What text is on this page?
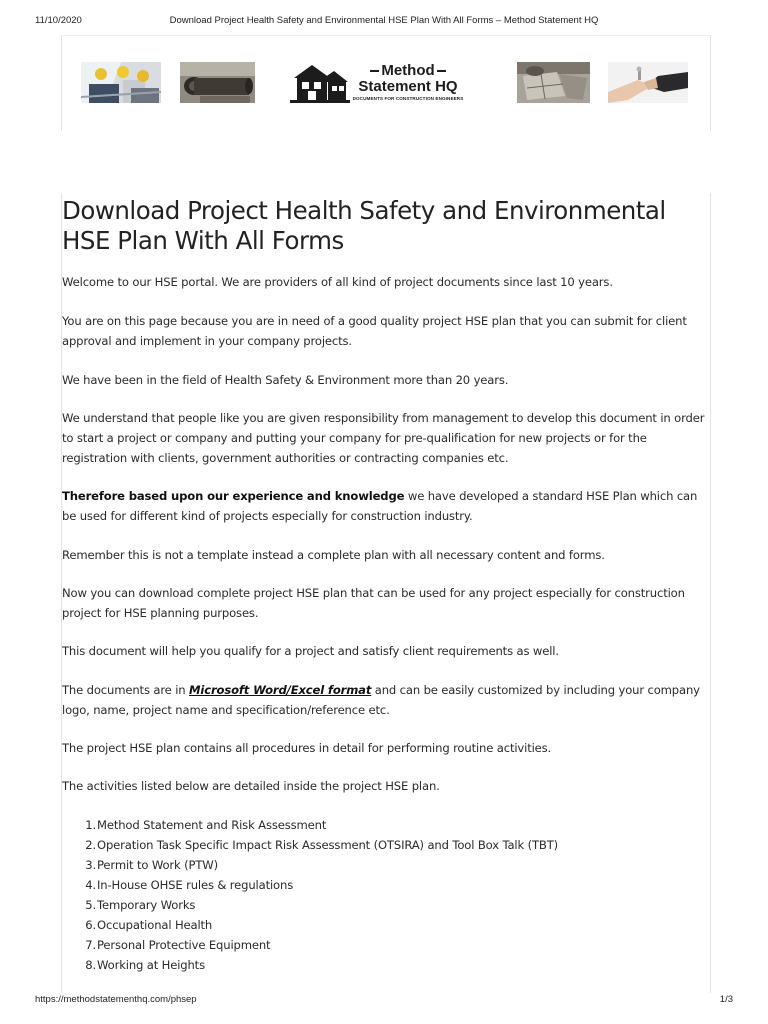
11/10/2020	Download Project Health Safety and Environmental HSE Plan With All Forms – Method Statement HQ
Method
Statement HQ
DOCUMENTS FOR CONSTRUCTION ENGINEERS
Download Project Health Safety and Environmental HSE Plan With All Forms

Welcome to our HSE portal. We are providers of all kind of project documents since last 10 years.

You are on this page because you are in need of a good quality project HSE plan that you can submit for client approval and implement in your company projects.

We have been in the field of Health Safety & Environment more than 20 years.

We understand that people like you are given responsibility from management to develop this document in order to start a project or company and putting your company for pre-qualification for new projects or for the registration with clients, government authorities or contracting companies etc.

Therefore based upon our experience and knowledge we have developed a standard HSE Plan which can be used for different kind of projects especially for construction industry.

Remember this is not a template instead a complete plan with all necessary content and forms.

Now you can download complete project HSE plan that can be used for any project especially for construction project for HSE planning purposes.

This document will help you qualify for a project and satisfy client requirements as well.

The documents are in Microsoft Word/Excel format and can be easily customized by including your company logo, name, project name and specification/reference etc.

The project HSE plan contains all procedures in detail for performing routine activities.

The activities listed below are detailed inside the project HSE plan.

1. Method Statement and Risk Assessment
2. Operation Task Specific Impact Risk Assessment (OTSIRA) and Tool Box Talk (TBT)
3. Permit to Work (PTW)
4. In-House OHSE rules & regulations
5. Temporary Works
6. Occupational Health
7. Personal Protective Equipment
8. Working at Heights
https://methodstatementhq.com/phsep	1/3
